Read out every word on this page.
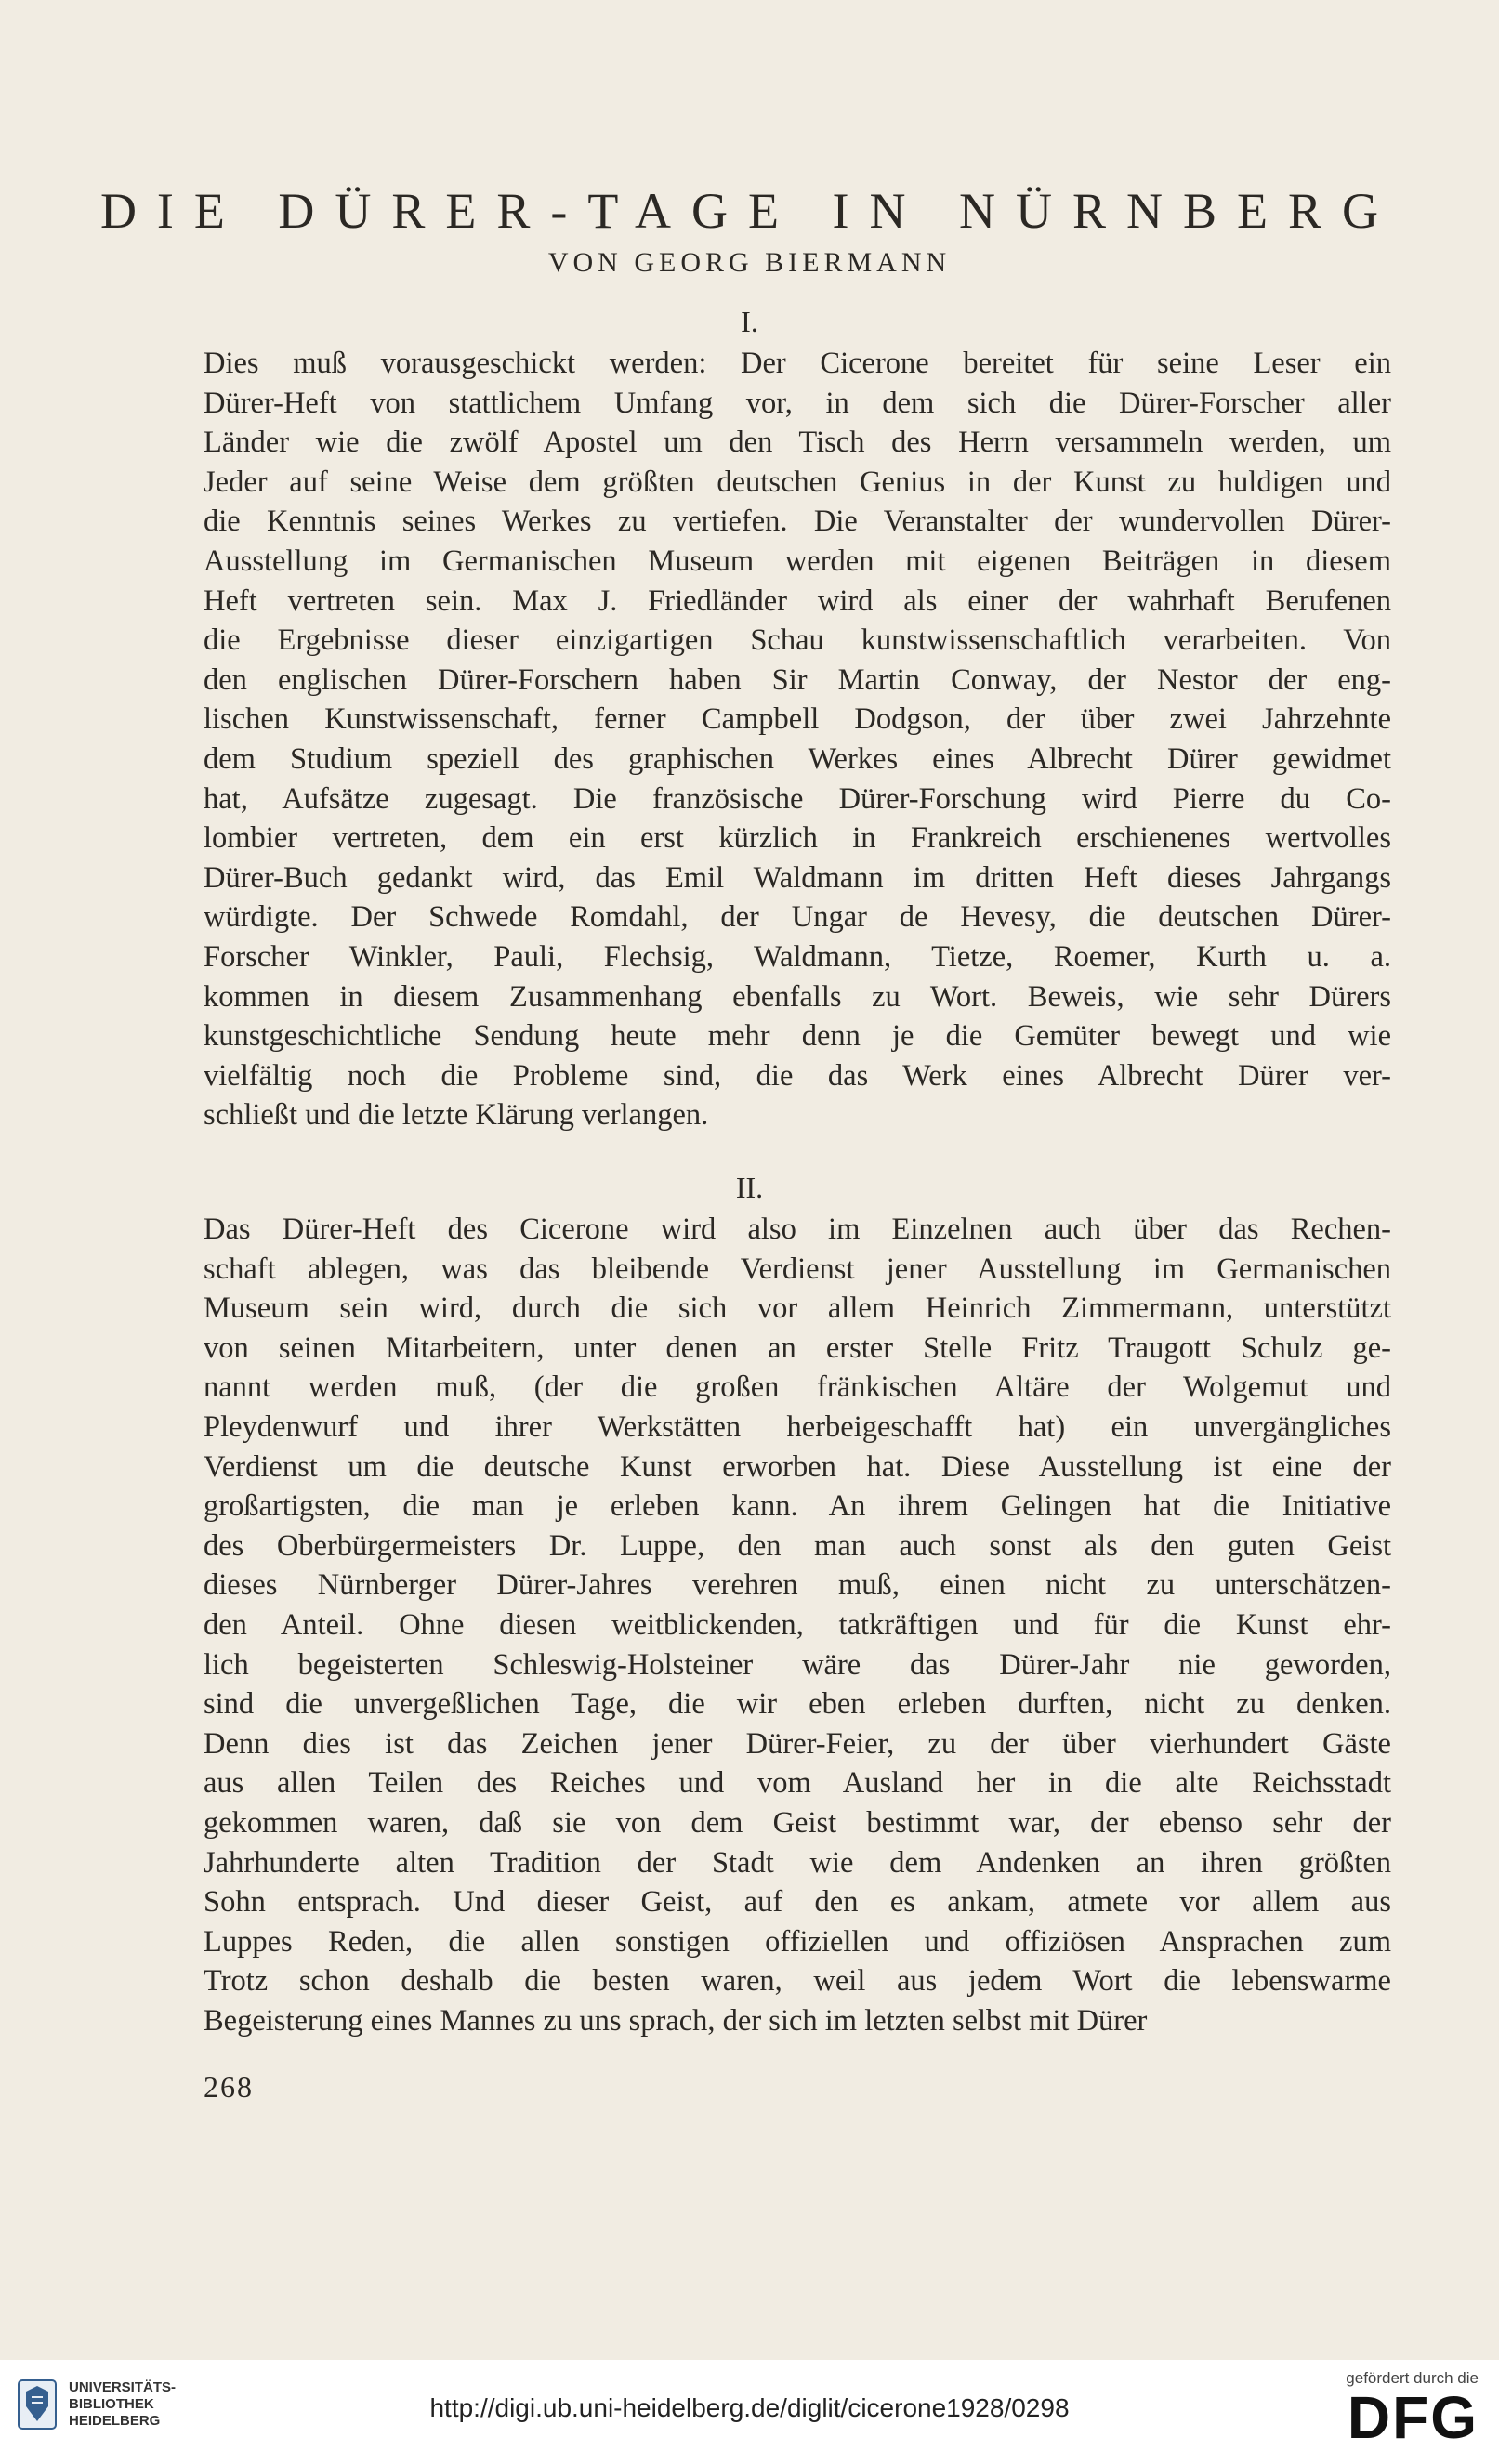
DIE DÜRER-TAGE IN NÜRNBERG
VON GEORG BIERMANN
I.

Dies muß vorausgeschickt werden: Der Cicerone bereitet für seine Leser ein
Dürer-Heft von stattlichem Umfang vor, in dem sich die Dürer-Forscher aller
Länder wie die zwölf Apostel um den Tisch des Herrn versammeln werden, um
Jeder auf seine Weise dem größten deutschen Genius in der Kunst zu huldigen und
die Kenntnis seines Werkes zu vertiefen. Die Veranstalter der wundervollen Dürer-
Ausstellung im Germanischen Museum werden mit eigenen Beiträgen in diesem
Heft vertreten sein. Max J. Friedländer wird als einer der wahrhaft Berufenen
die Ergebnisse dieser einzigartigen Schau kunstwissenschaftlich verarbeiten. Von
den englischen Dürer-Forschern haben Sir Martin Conway, der Nestor der eng-
lischen Kunstwissenschaft, ferner Campbell Dodgson, der über zwei Jahrzehnte
dem Studium speziell des graphischen Werkes eines Albrecht Dürer gewidmet
hat, Aufsätze zugesagt. Die französische Dürer-Forschung wird Pierre du Co-
lombier vertreten, dem ein erst kürzlich in Frankreich erschienenes wertvolles
Dürer-Buch gedankt wird, das Emil Waldmann im dritten Heft dieses Jahrgangs
würdigte. Der Schwede Romdahl, der Ungar de Hevesy, die deutschen Dürer-
Forscher Winkler, Pauli, Flechsig, Waldmann, Tietze, Roemer, Kurth u. a.
kommen in diesem Zusammenhang ebenfalls zu Wort. Beweis, wie sehr Dürers
kunstgeschichtliche Sendung heute mehr denn je die Gemüter bewegt und wie
vielfältig noch die Probleme sind, die das Werk eines Albrecht Dürer ver-
schließt und die letzte Klärung verlangen.

II.

Das Dürer-Heft des Cicerone wird also im Einzelnen auch über das Rechen-
schaft ablegen, was das bleibende Verdienst jener Ausstellung im Germanischen
Museum sein wird, durch die sich vor allem Heinrich Zimmermann, unterstützt
von seinen Mitarbeitern, unter denen an erster Stelle Fritz Traugott Schulz ge-
nannt werden muß, (der die großen fränkischen Altäre der Wolgemut und
Pleydenwurf und ihrer Werkstätten herbeigeschafft hat) ein unvergängliches
Verdienst um die deutsche Kunst erworben hat. Diese Ausstellung ist eine der
großartigsten, die man je erleben kann. An ihrem Gelingen hat die Initiative
des Oberbürgermeisters Dr. Luppe, den man auch sonst als den guten Geist
dieses Nürnberger Dürer-Jahres verehren muß, einen nicht zu unterschätzen-
den Anteil. Ohne diesen weitblickenden, tatkräftigen und für die Kunst ehr-
lich begeisterten Schleswig-Holsteiner wäre das Dürer-Jahr nie geworden,
sind die unvergeßlichen Tage, die wir eben erleben durften, nicht zu denken.
Denn dies ist das Zeichen jener Dürer-Feier, zu der über vierhundert Gäste
aus allen Teilen des Reiches und vom Ausland her in die alte Reichsstadt
gekommen waren, daß sie von dem Geist bestimmt war, der ebenso sehr der
Jahrhunderte alten Tradition der Stadt wie dem Andenken an ihren größten
Sohn entsprach. Und dieser Geist, auf den es ankam, atmete vor allem aus
Luppes Reden, die allen sonstigen offiziellen und offiziösen Ansprachen zum
Trotz schon deshalb die besten waren, weil aus jedem Wort die lebenswarme
Begeisterung eines Mannes zu uns sprach, der sich im letzten selbst mit Dürer

268
UNIVERSITÄTS-
BIBLIOTHEK
HEIDELBERG	http://digi.ub.uni-heidelberg.de/diglit/cicerone1928/0298
gefördert durch die
DFG
